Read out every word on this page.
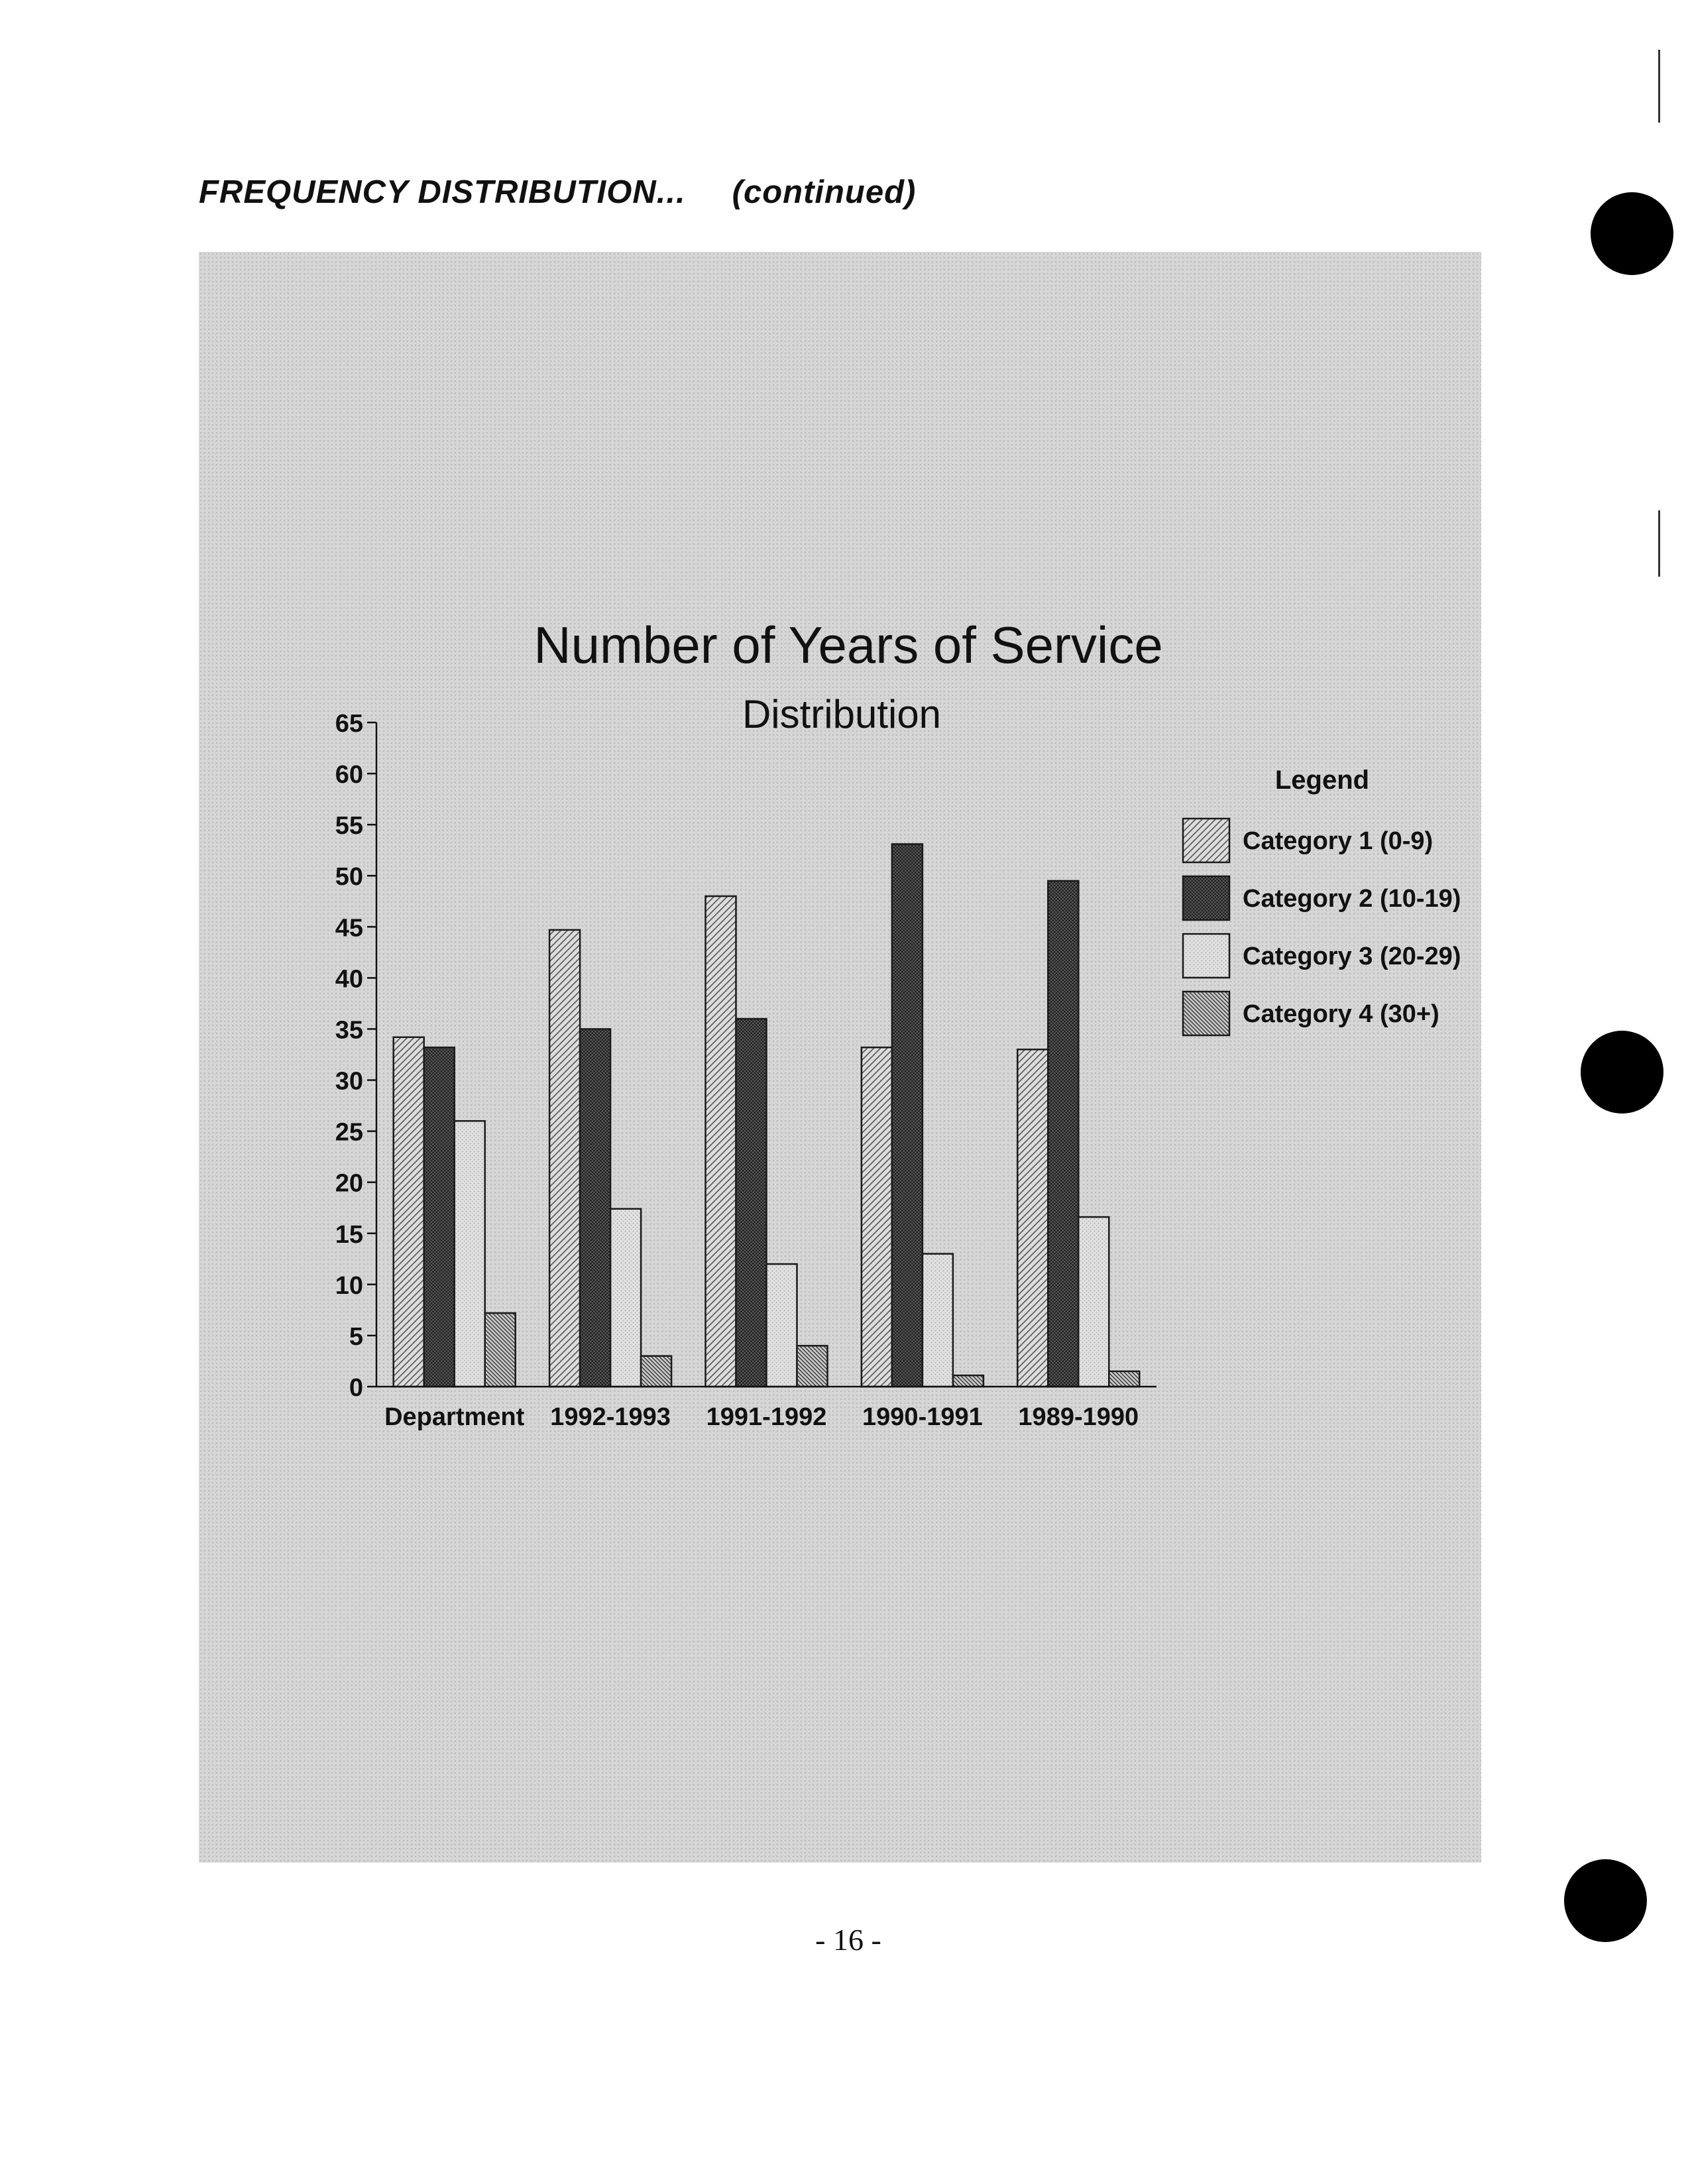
FREQUENCY DISTRIBUTION... (continued)
Number of Years of Service
Distribution
Department 1992-1993 1991-1992 1990-1991 1989-1990
0
5
10
15
20
25
30
35
40
45
50
55
60
65
Legend
Category 1 (0-9)
Category 2 (10-19)
Category 3 (20-29)
Category 4 (30+)
- 16 -
